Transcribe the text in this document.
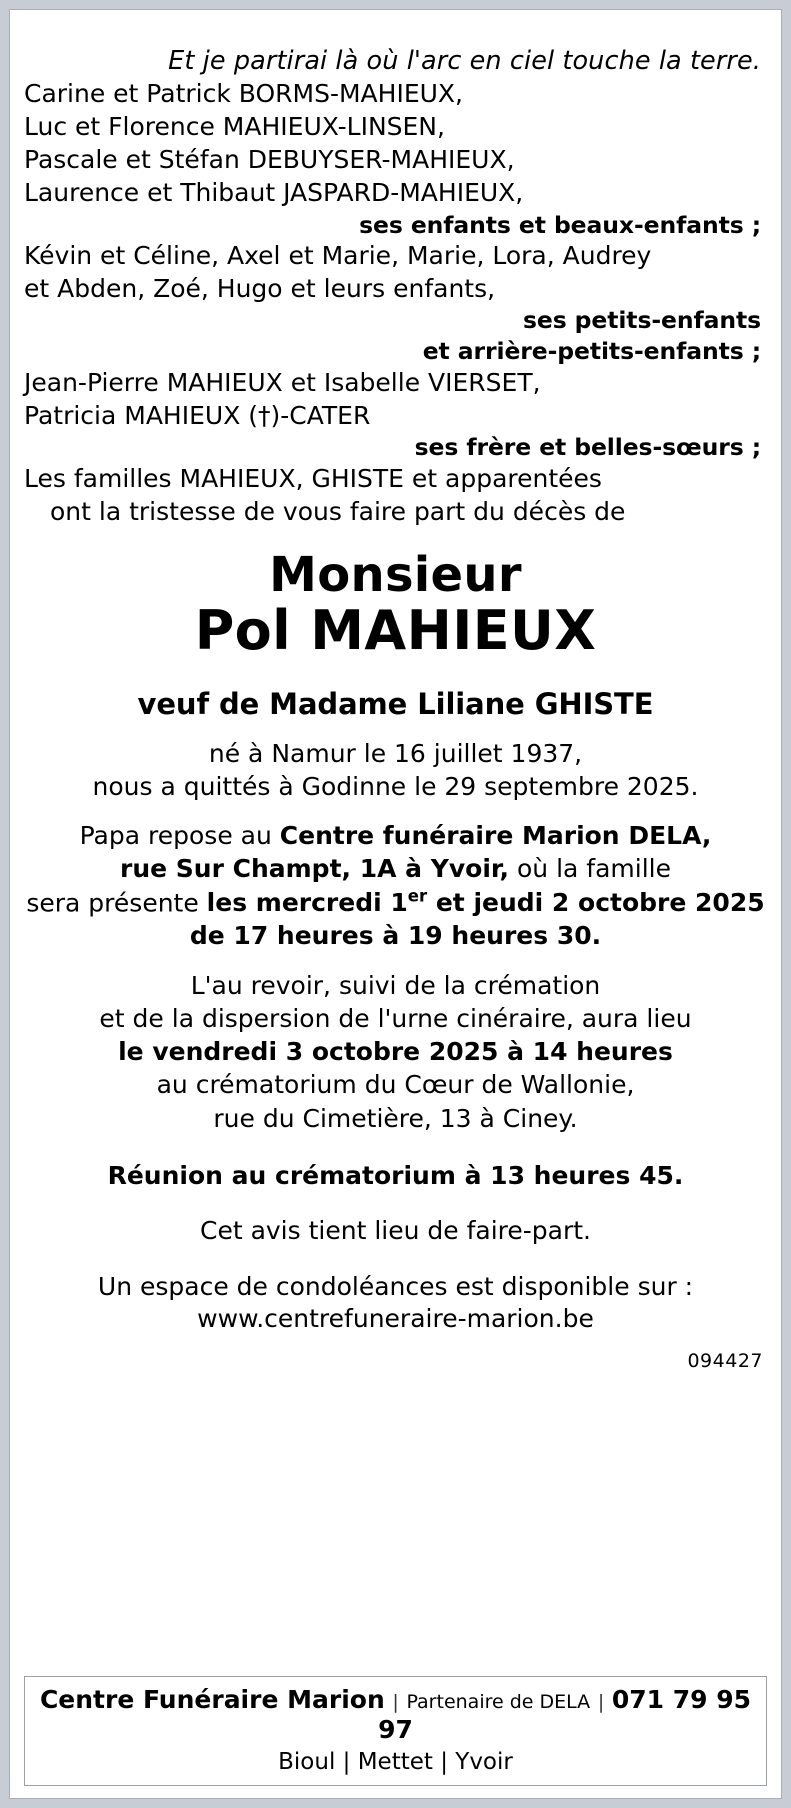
Et je partirai là où l'arc en ciel touche la terre.
Carine et Patrick BORMS-MAHIEUX,
Luc et Florence MAHIEUX-LINSEN,
Pascale et Stéfan DEBUYSER-MAHIEUX,
Laurence et Thibaut JASPARD-MAHIEUX,
ses enfants et beaux-enfants ;
Kévin et Céline, Axel et Marie, Marie, Lora, Audrey
et Abden, Zoé, Hugo et leurs enfants,
ses petits-enfants
et arrière-petits-enfants ;
Jean-Pierre MAHIEUX et Isabelle VIERSET,
Patricia MAHIEUX (†)-CATER
ses frère et belles-sœurs ;
Les familles MAHIEUX, GHISTE et apparentées
ont la tristesse de vous faire part du décès de
Monsieur
Pol MAHIEUX
veuf de Madame Liliane GHISTE
né à Namur le 16 juillet 1937,
nous a quittés à Godinne le 29 septembre 2025.
Papa repose au Centre funéraire Marion DELA,
rue Sur Champt, 1A à Yvoir, où la famille
sera présente les mercredi 1er et jeudi 2 octobre 2025
de 17 heures à 19 heures 30.
L'au revoir, suivi de la crémation
et de la dispersion de l'urne cinéraire, aura lieu
le vendredi 3 octobre 2025 à 14 heures
au crématorium du Cœur de Wallonie,
rue du Cimetière, 13 à Ciney.
Réunion au crématorium à 13 heures 45.
Cet avis tient lieu de faire-part.
Un espace de condoléances est disponible sur :
www.centrefuneraire-marion.be
094427
Centre Funéraire Marion | Partenaire de DELA | 071 79 95 97
Bioul | Mettet | Yvoir
